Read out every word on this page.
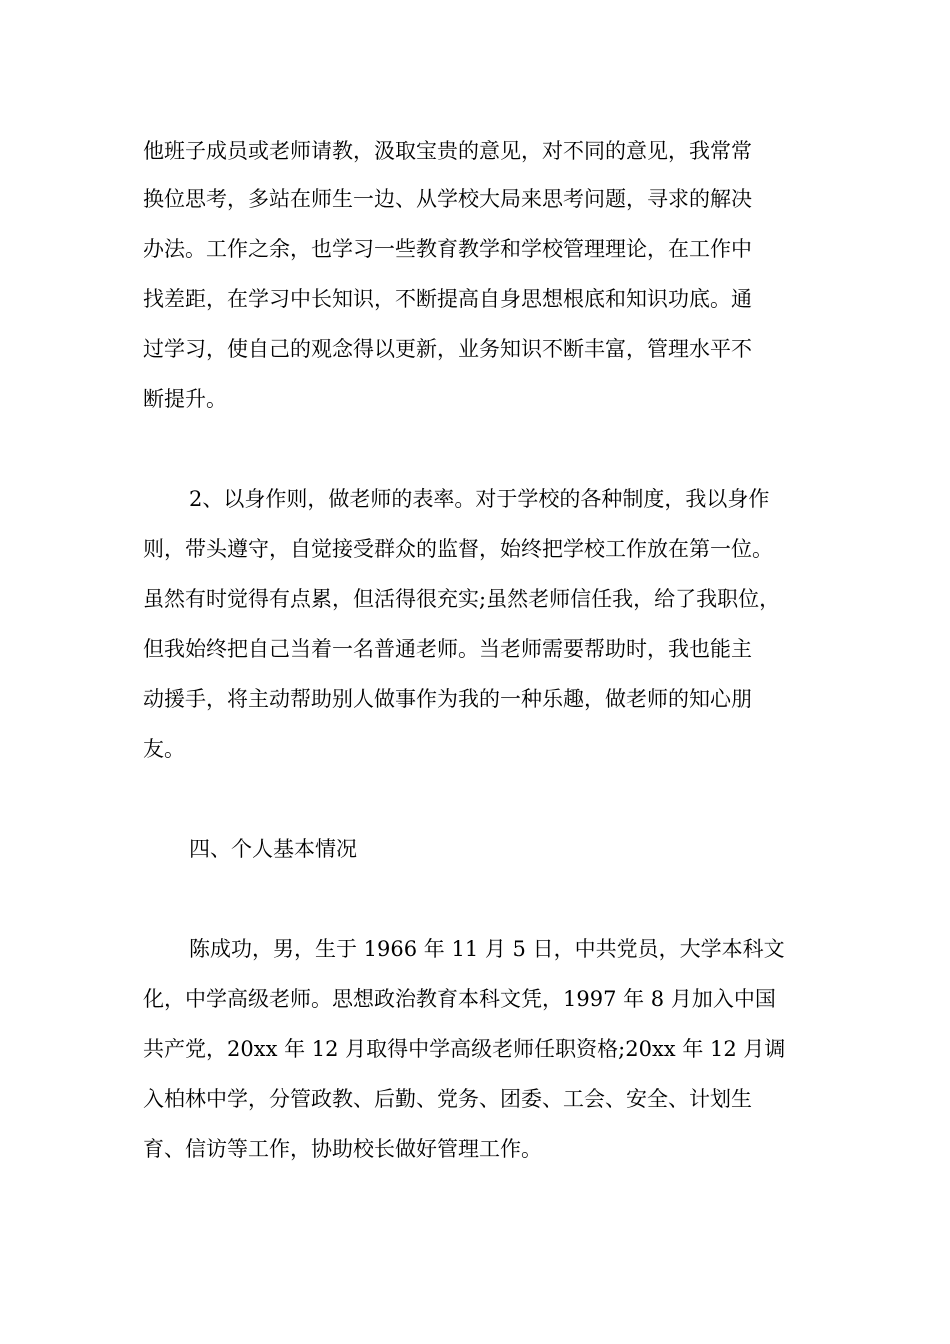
他班子成员或老师请教，汲取宝贵的意见，对不同的意见，我常常

换位思考，多站在师生一边、从学校大局来思考问题，寻求的解决

办法。工作之余，也学习一些教育教学和学校管理理论，在工作中

找差距，在学习中长知识，不断提高自身思想根底和知识功底。通

过学习，使自己的观念得以更新，业务知识不断丰富，管理水平不

断提升。

2、以身作则，做老师的表率。对于学校的各种制度，我以身作

则，带头遵守，自觉接受群众的监督，始终把学校工作放在第一位。

虽然有时觉得有点累，但活得很充实;虽然老师信任我，给了我职位，

但我始终把自己当着一名普通老师。当老师需要帮助时，我也能主

动援手，将主动帮助别人做事作为我的一种乐趣，做老师的知心朋

友。

四、个人基本情况

陈成功，男，生于 1966 年 11 月 5 日，中共党员，大学本科文

化，中学高级老师。思想政治教育本科文凭，1997 年 8 月加入中国

共产党，20xx 年 12 月取得中学高级老师任职资格;20xx 年 12 月调

入柏林中学，分管政教、后勤、党务、团委、工会、安全、计划生

育、信访等工作，协助校长做好管理工作。
